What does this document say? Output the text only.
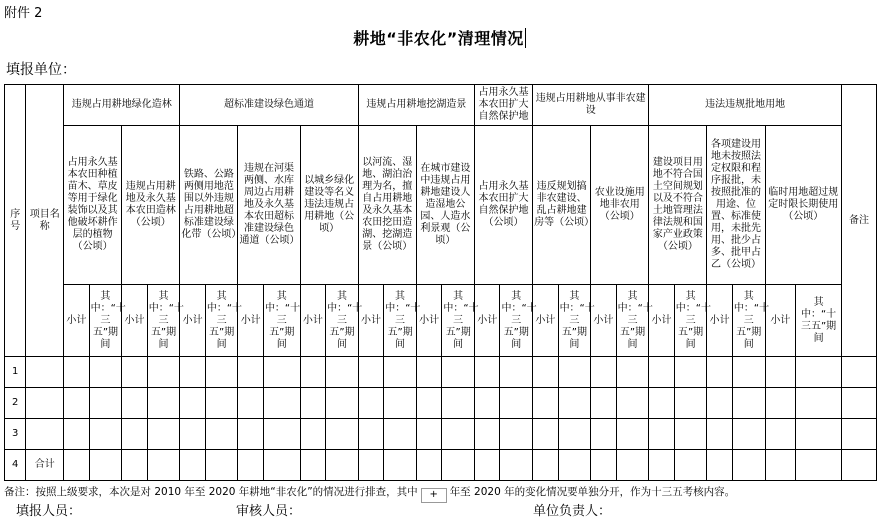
附件 2
耕地“非农化”清理情况
填报单位：
序号	项目名称	违规占用耕地绿化造林				超标准建设绿色通道						违规占用耕地挖湖造景				占用永久基本农田扩大自然保护地		违规占用耕地从事非农建设				违法违规批地用地						备注
		占用永久基本农田种植苗木、草皮等用于绿化装饰以及其他破坏耕作层的植物（公顷）		违规占用耕地及永久基本农田造林（公顷）		铁路、公路两侧用地范围以外违规占用耕地超标准建设绿化带（公顷）		违规在河渠两侧、水库周边占用耕地及永久基本农田超标准建设绿色通道（公顷）		以城乡绿化建设等名义违法违规占用耕地（公顷）		以河流、湿地、湖泊治理为名，擅自占用耕地及永久基本农田挖田造湖、挖湖造景（公顷）		在城市建设中违规占用耕地建设人造湿地公园、人造水利景观（公顷）		占用永久基本农田扩大自然保护地（公顷）		违反规划搞非农建设、乱占耕地建房等（公顷）		农业设施用地非农用（公顷）		建设项目用地不符合国土空间规划以及不符合土地管理法律法规和国家产业政策（公顷）		各项建设用地未按照法定权限和程序报批，未按照批准的用途、位置、标准使用，未批先用、批少占多、批甲占乙（公顷）		临时用地超过规定时限长期使用（公顷）		
		小计	其中：“十三五”期间	小计	其中：“十三五”期间	小计	其中：“十三五”期间	小计	其中：“十三五”期间	小计	其中：“十三五”期间	小计	其中：“十三五”期间	小计	其中：“十三五”期间	小计	其中：“十三五”期间	小计	其中：“十三五”期间	小计	其中：“十三五”期间	小计	其中：“十三五”期间	小计	其中：“十三五”期间	小计	其中：“十三五”期间	
1																												
2																												
3																												
4	合计																											
备注：按照上级要求，本次是对 2010 年至 2020 年耕地“非农化”的情况进行排查，其中 + 年至 2020 年的变化情况要单独分开，作为十三五考核内容。
填报人员：	审核人员：	单位负责人：
